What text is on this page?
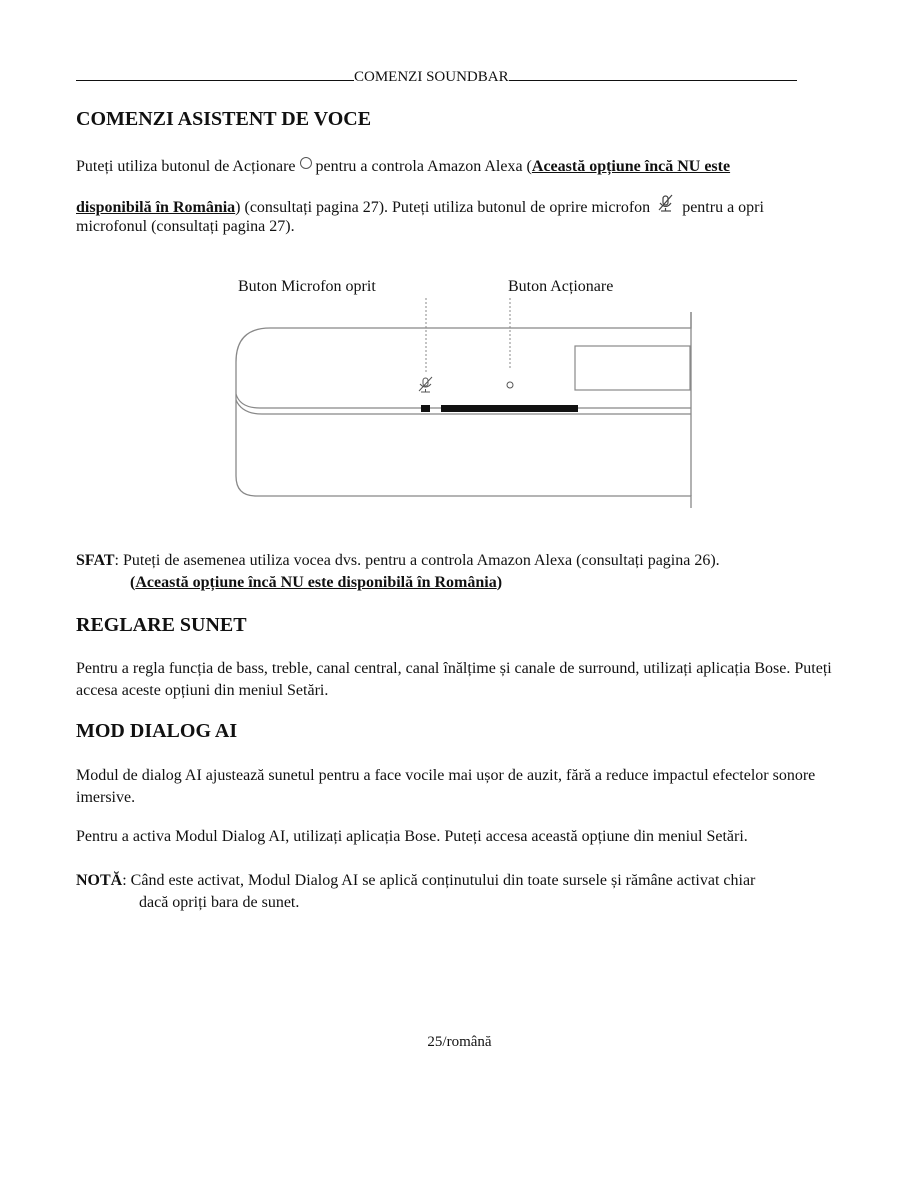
COMENZI SOUNDBAR
COMENZI ASISTENT DE VOCE

Puteți utiliza butonul de Acționare pentru a controla Amazon Alexa (Această opțiune încă NU este

disponibilă în România) (consultați pagina 27). Puteți utiliza butonul de oprire microfon pentru a opri

microfonul (consultați pagina 27).

Buton Microfon oprit	Buton Acționare

SFAT: Puteți de asemenea utiliza vocea dvs. pentru a controla Amazon Alexa (consultați pagina 26).

(Această opțiune încă NU este disponibilă în România)

REGLARE SUNET

Pentru a regla funcția de bass, treble, canal central, canal înălțime și canale de surround, utilizați aplicația Bose. Puteți accesa aceste opțiuni din meniul Setări.

MOD DIALOG AI

Modul de dialog AI ajustează sunetul pentru a face vocile mai ușor de auzit, fără a reduce impactul efectelor sonore imersive.

Pentru a activa Modul Dialog AI, utilizați aplicația Bose. Puteți accesa această opțiune din meniul Setări.

NOTĂ: Când este activat, Modul Dialog AI se aplică conținutului din toate sursele și rămâne activat chiar

dacă opriți bara de sunet.

25/română
